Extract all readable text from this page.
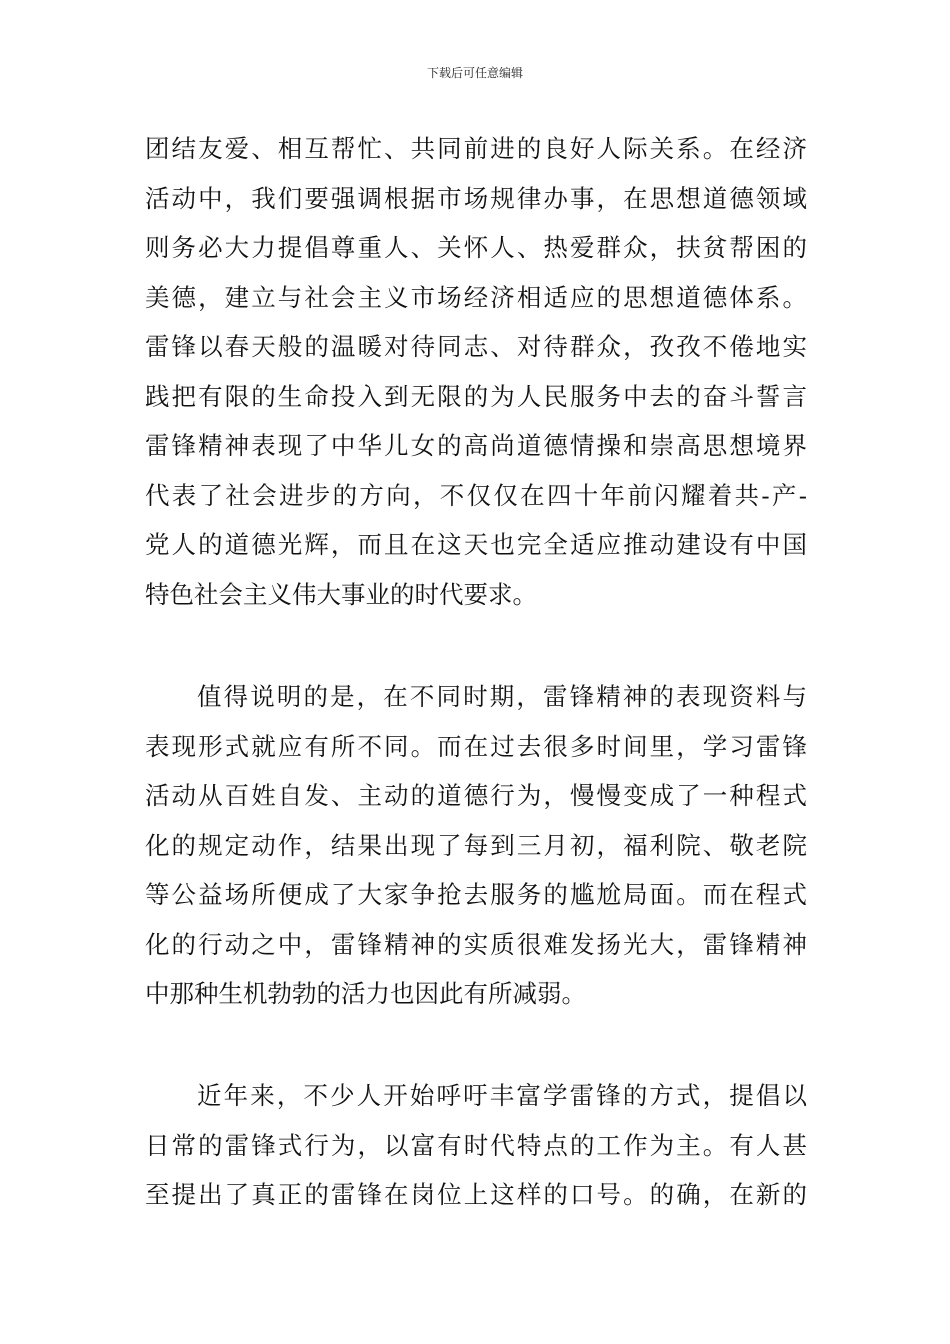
下载后可任意编辑
团结友爱、相互帮忙、共同前进的良好人际关系。在经济
活动中，我们要强调根据市场规律办事，在思想道德领域
则务必大力提倡尊重人、关怀人、热爱群众，扶贫帮困的
美德，建立与社会主义市场经济相适应的思想道德体系。
雷锋以春天般的温暖对待同志、对待群众，孜孜不倦地实
践把有限的生命投入到无限的为人民服务中去的奋斗誓言
雷锋精神表现了中华儿女的高尚道德情操和崇高思想境界
代表了社会进步的方向，不仅仅在四十年前闪耀着共-产-
党人的道德光辉，而且在这天也完全适应推动建设有中国
特色社会主义伟大事业的时代要求。
值得说明的是，在不同时期，雷锋精神的表现资料与
表现形式就应有所不同。而在过去很多时间里，学习雷锋
活动从百姓自发、主动的道德行为，慢慢变成了一种程式
化的规定动作，结果出现了每到三月初，福利院、敬老院
等公益场所便成了大家争抢去服务的尴尬局面。而在程式
化的行动之中，雷锋精神的实质很难发扬光大，雷锋精神
中那种生机勃勃的活力也因此有所减弱。
近年来，不少人开始呼吁丰富学雷锋的方式，提倡以
日常的雷锋式行为，以富有时代特点的工作为主。有人甚
至提出了真正的雷锋在岗位上这样的口号。的确，在新的
